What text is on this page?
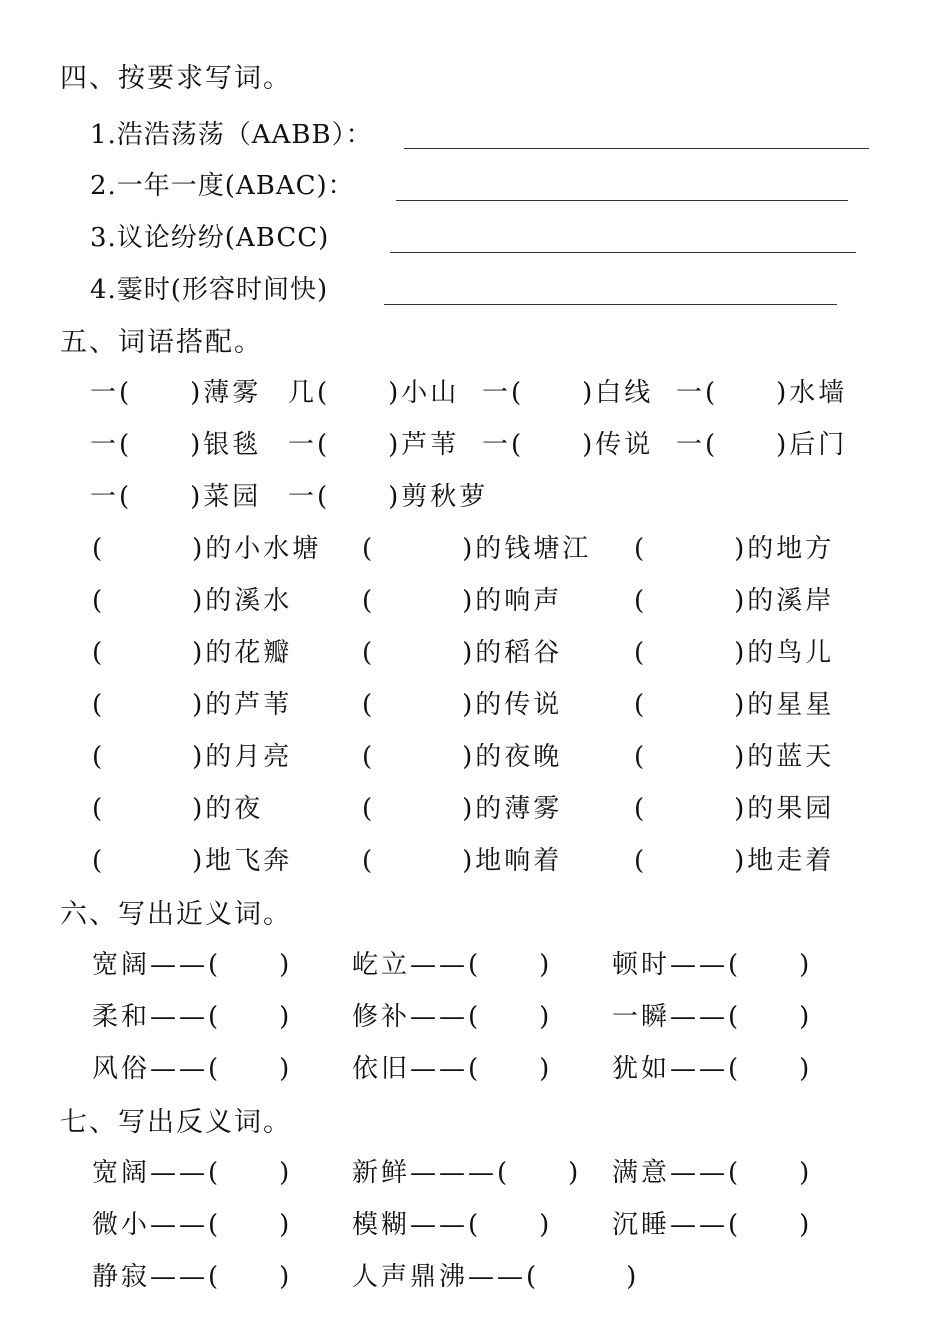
四、按要求写词。
1.浩浩荡荡（AABB）：
2.一年一度(ABAC)：
3.议论纷纷(ABCC)
4.霎时(形容时间快)
五、词语搭配。
一(　　)薄雾 几(　　)小山 一(　　)白线 一(　　)水墙
一(　　)银毯 一(　　)芦苇 一(　　)传说 一(　　)后门
一(　　)菜园 一(　　)剪秋萝
(　　　)的小水塘 (　　　)的钱塘江 (　　　)的地方
(　　　)的溪水	(　　　)的响声	(　　　)的溪岸
(　　　)的花瓣	(　　　)的稻谷	(　　　)的鸟儿
(　　　)的芦苇	(　　　)的传说	(　　　)的星星
(　　　)的月亮	(　　　)的夜晚	(　　　)的蓝天
(　　　)的夜	(　　　)的薄雾	(　　　)的果园
(　　　)地飞奔	(　　　)地响着	(　　　)地走着
六、写出近义词。
宽阔——(　　) 屹立——(　　) 顿时——(　　)
柔和——(　　) 修补——(　　) 一瞬——(　　)
风俗——(　　) 依旧——(　　) 犹如——(　　)
七、写出反义词。
宽阔——(　　) 新鲜———(　　) 满意——(　　)
微小——(　　) 模糊——(　　) 沉睡——(　　)
静寂——(　　) 人声鼎沸——(　　　)
